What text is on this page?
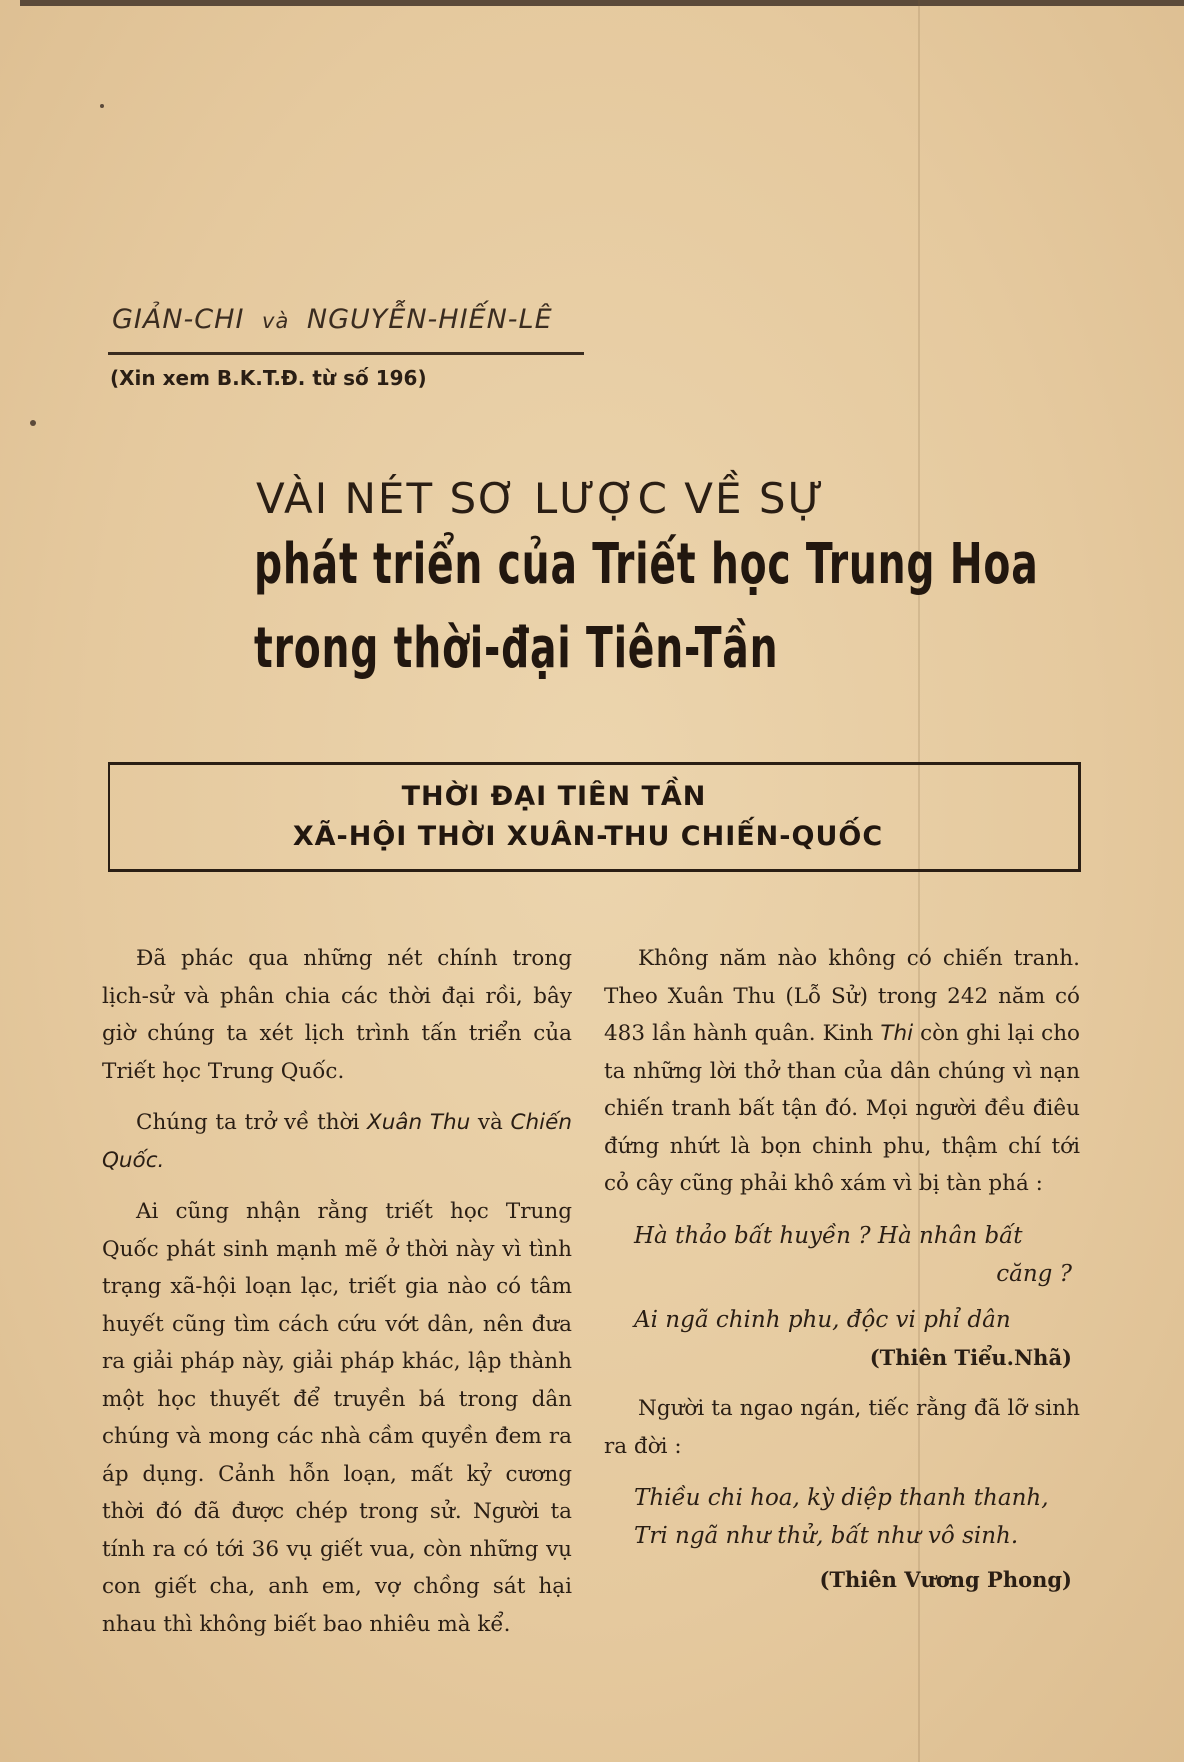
GIẢN-CHI và NGUYỄN-HIẾN-LÊ
(Xin xem B.K.T.Đ. từ số 196)
VÀI NÉT SƠ LƯỢC VỀ SỰ
phát triển của Triết học Trung Hoa
trong thời-đại Tiên-Tần
THỜI ĐẠI TIÊN TẦN
XÃ-HỘI THỜI XUÂN-THU CHIẾN-QUỐC

Đã phác qua những nét chính trong lịch-sử và phân chia các thời đại rồi, bây giờ chúng ta xét lịch trình tấn triển của Triết học Trung Quốc.

Chúng ta trở về thời Xuân Thu và Chiến Quốc.

Ai cũng nhận rằng triết học Trung Quốc phát sinh mạnh mẽ ở thời này vì tình trạng xã-hội loạn lạc, triết gia nào có tâm huyết cũng tìm cách cứu vớt dân, nên đưa ra giải pháp này, giải pháp khác, lập thành một học thuyết để truyền bá trong dân chúng và mong các nhà cầm quyền đem ra áp dụng. Cảnh hỗn loạn, mất kỷ cương thời đó đã được chép trong sử. Người ta tính ra có tới 36 vụ giết vua, còn những vụ con giết cha, anh em, vợ chồng sát hại nhau thì không biết bao nhiêu mà kể.

Không năm nào không có chiến tranh. Theo Xuân Thu (Lỗ Sử) trong 242 năm có 483 lần hành quân. Kinh Thi còn ghi lại cho ta những lời thở than của dân chúng vì nạn chiến tranh bất tận đó. Mọi người đều điêu đứng nhứt là bọn chinh phu, thậm chí tới cỏ cây cũng phải khô xám vì bị tàn phá :

Hà thảo bất huyền ? Hà nhân bất
căng ?
Ai ngã chinh phu, độc vi phỉ dân
(Thiên Tiểu.Nhã)

Người ta ngao ngán, tiếc rằng đã lỡ sinh ra đời :

Thiều chi hoa, kỳ diệp thanh thanh,
Tri ngã như thử, bất như vô sinh.
(Thiên Vương Phong)
